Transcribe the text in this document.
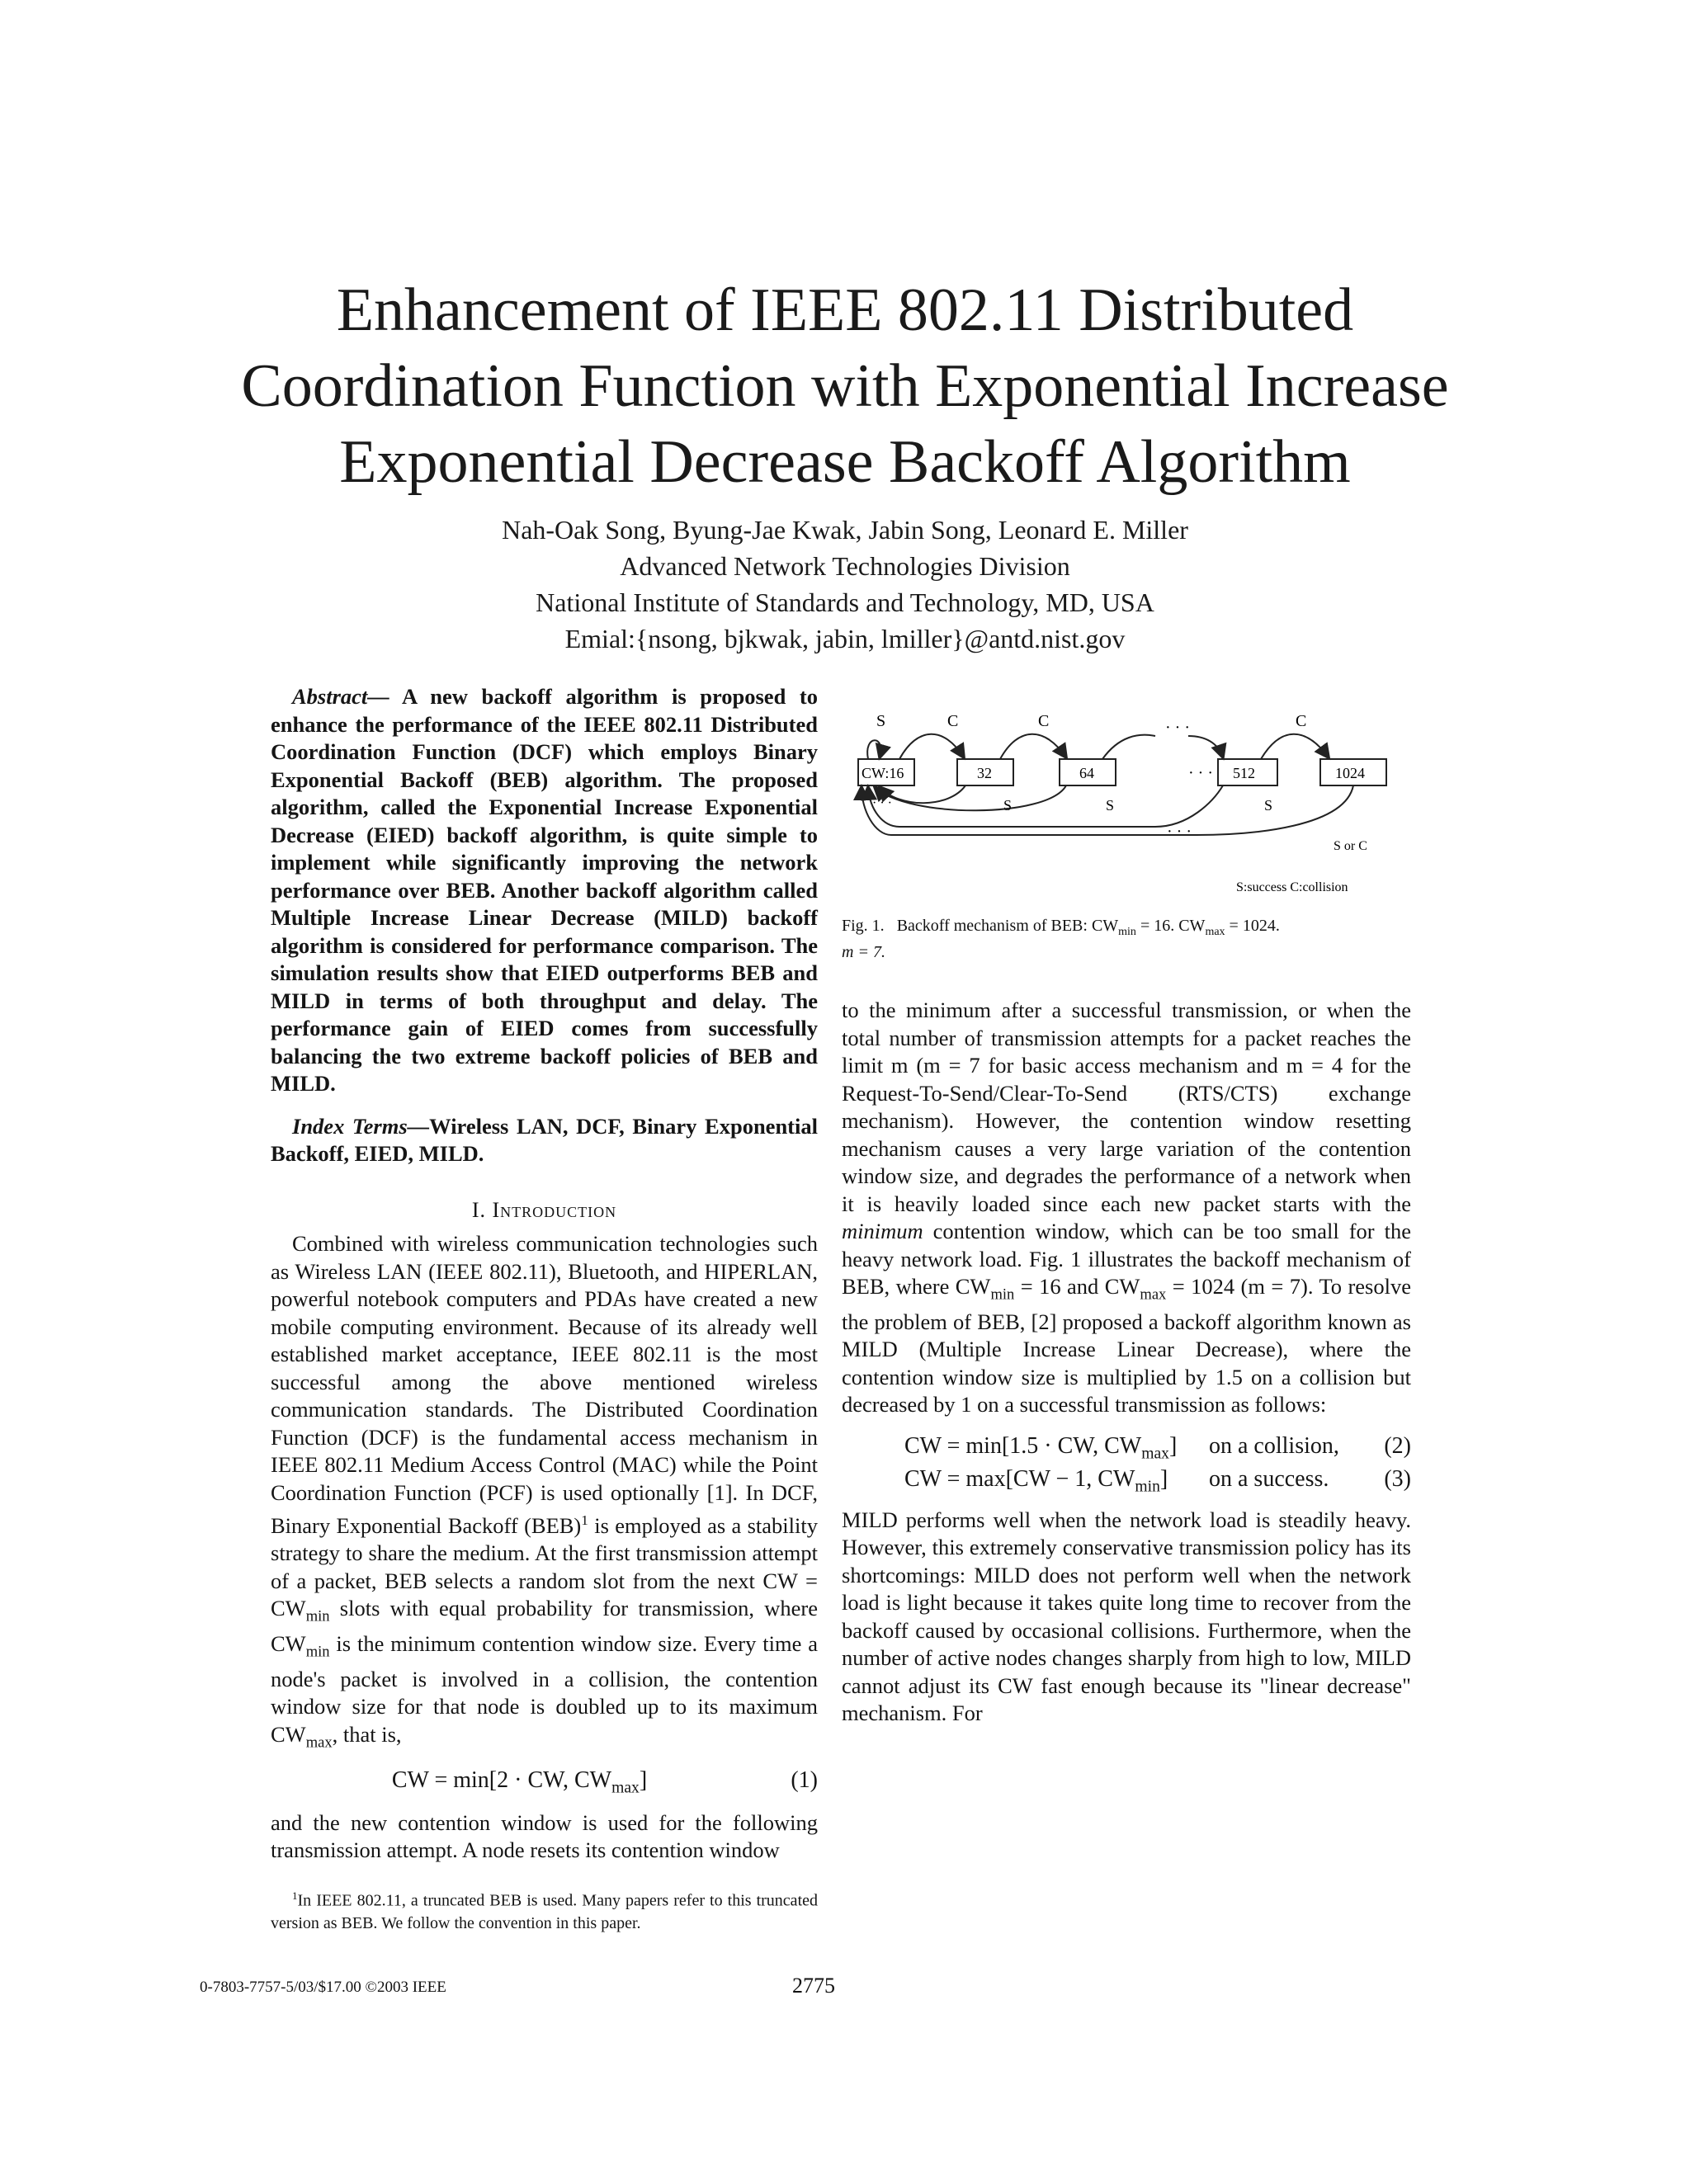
Enhancement of IEEE 802.11 Distributed
Coordination Function with Exponential Increase
Exponential Decrease Backoff Algorithm
Nah-Oak Song, Byung-Jae Kwak, Jabin Song, Leonard E. Miller
Advanced Network Technologies Division
National Institute of Standards and Technology, MD, USA
Emial:{nsong, bjkwak, jabin, lmiller}@antd.nist.gov

Abstract— A new backoff algorithm is proposed to enhance the performance of the IEEE 802.11 Distributed Coordination Function (DCF) which employs Binary Exponential Backoff (BEB) algorithm. The proposed algorithm, called the Exponential Increase Exponential Decrease (EIED) backoff algorithm, is quite simple to implement while significantly improving the network performance over BEB. Another backoff algorithm called Multiple Increase Linear Decrease (MILD) backoff algorithm is considered for performance comparison. The simulation results show that EIED outperforms BEB and MILD in terms of both throughput and delay. The performance gain of EIED comes from successfully balancing the two extreme backoff policies of BEB and MILD.

Index Terms—Wireless LAN, DCF, Binary Exponential Backoff, EIED, MILD.

I. Introduction

Combined with wireless communication technologies such as Wireless LAN (IEEE 802.11), Bluetooth, and HIPERLAN, powerful notebook computers and PDAs have created a new mobile computing environment. Because of its already well established market acceptance, IEEE 802.11 is the most successful among the above mentioned wireless communication standards. The Distributed Coordination Function (DCF) is the fundamental access mechanism in IEEE 802.11 Medium Access Control (MAC) while the Point Coordination Function (PCF) is used optionally [1]. In DCF, Binary Exponential Backoff (BEB)$^1$ is employed as a stability strategy to share the medium. At the first transmission attempt of a packet, BEB selects a random slot from the next CW = $CW_{min}$ slots with equal probability for transmission, where $CW_{min}$ is the minimum contention window size. Every time a node's packet is involved in a collision, the contention window size for that node is doubled up to its maximum $CW_{max}$, that is,

CW = min[2 · CW, $CW_{max}$]	(1)

and the new contention window is used for the following transmission attempt. A node resets its contention window

$^1$In IEEE 802.11, a truncated BEB is used. Many papers refer to this truncated version as BEB. We follow the convention in this paper.

S	C	C	C
CW:16	32	64	512	1024
· · ·
· · ·
· · ·	S	S	S
· · ·
S or C
S:success C:collision
Fig. 1. Backoff mechanism of BEB: $CW_{min} = 16$. $CW_{max} = 1024$.
m = 7.

to the minimum after a successful transmission, or when the total number of transmission attempts for a packet reaches the limit m (m = 7 for basic access mechanism and m = 4 for the Request-To-Send/Clear-To-Send (RTS/CTS) exchange mechanism). However, the contention window resetting mechanism causes a very large variation of the contention window size, and degrades the performance of a network when it is heavily loaded since each new packet starts with the minimum contention window, which can be too small for the heavy network load. Fig. 1 illustrates the backoff mechanism of BEB, where $CW_{min} = 16$ and $CW_{max} = 1024$ (m = 7). To resolve the problem of BEB, [2] proposed a backoff algorithm known as MILD (Multiple Increase Linear Decrease), where the contention window size is multiplied by 1.5 on a collision but decreased by 1 on a successful transmission as follows:

CW = min[1.5 · CW, $CW_{max}$] on a collision, (2)
CW = max[CW − 1, $CW_{min}$] on a success. (3)

MILD performs well when the network load is steadily heavy. However, this extremely conservative transmission policy has its shortcomings: MILD does not perform well when the network load is light because it takes quite long time to recover from the backoff caused by occasional collisions. Furthermore, when the number of active nodes changes sharply from high to low, MILD cannot adjust its CW fast enough because its "linear decrease" mechanism. For

0-7803-7757-5/03/$17.00 ©2003 IEEE	2775
